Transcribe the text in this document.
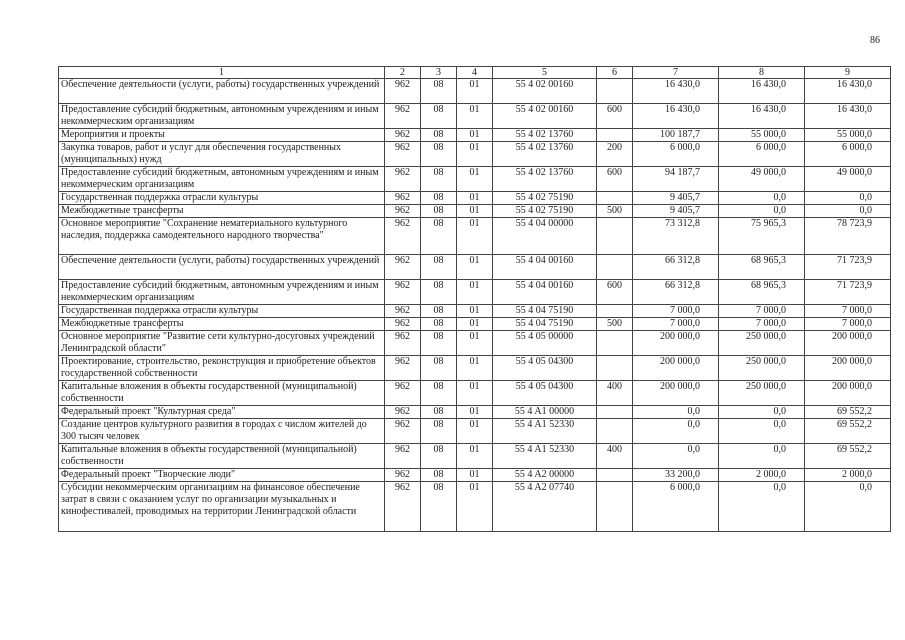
86
1	2	3	4	5	6	7	8	9
Обеспечение деятельности (услуги, работы) государственных учреждений	962	08	01	55 4 02 00160		16 430,0	16 430,0	16 430,0
Предоставление субсидий бюджетным, автономным учреждениям и иным некоммерческим организациям	962	08	01	55 4 02 00160	600	16 430,0	16 430,0	16 430,0
Мероприятия и проекты	962	08	01	55 4 02 13760		100 187,7	55 000,0	55 000,0
Закупка товаров, работ и услуг для обеспечения государственных (муниципальных) нужд	962	08	01	55 4 02 13760	200	6 000,0	6 000,0	6 000,0
Предоставление субсидий бюджетным, автономным учреждениям и иным некоммерческим организациям	962	08	01	55 4 02 13760	600	94 187,7	49 000,0	49 000,0
Государственная поддержка отрасли культуры	962	08	01	55 4 02 75190		9 405,7	0,0	0,0
Межбюджетные трансферты	962	08	01	55 4 02 75190	500	9 405,7	0,0	0,0
Основное мероприятие "Сохранение нематериального культурного наследия, поддержка самодеятельного народного творчества"	962	08	01	55 4 04 00000		73 312,8	75 965,3	78 723,9
Обеспечение деятельности (услуги, работы) государственных учреждений	962	08	01	55 4 04 00160		66 312,8	68 965,3	71 723,9
Предоставление субсидий бюджетным, автономным учреждениям и иным некоммерческим организациям	962	08	01	55 4 04 00160	600	66 312,8	68 965,3	71 723,9
Государственная поддержка отрасли культуры	962	08	01	55 4 04 75190		7 000,0	7 000,0	7 000,0
Межбюджетные трансферты	962	08	01	55 4 04 75190	500	7 000,0	7 000,0	7 000,0
Основное мероприятие "Развитие сети культурно-досуговых учреждений Ленинградской области"	962	08	01	55 4 05 00000		200 000,0	250 000,0	200 000,0
Проектирование, строительство, реконструкция и приобретение объектов государственной собственности	962	08	01	55 4 05 04300		200 000,0	250 000,0	200 000,0
Капитальные вложения в объекты государственной (муниципальной) собственности	962	08	01	55 4 05 04300	400	200 000,0	250 000,0	200 000,0
Федеральный проект "Культурная среда"	962	08	01	55 4 A1 00000		0,0	0,0	69 552,2
Создание центров культурного развития в городах с числом жителей до 300 тысяч человек	962	08	01	55 4 A1 52330		0,0	0,0	69 552,2
Капитальные вложения в объекты государственной (муниципальной) собственности	962	08	01	55 4 A1 52330	400	0,0	0,0	69 552,2
Федеральный проект "Творческие люди"	962	08	01	55 4 A2 00000		33 200,0	2 000,0	2 000,0
Субсидии некоммерческим организациям на финансовое обеспечение затрат в связи с оказанием услуг по организации музыкальных и кинофестивалей, проводимых на территории Ленинградской области	962	08	01	55 4 A2 07740		6 000,0	0,0	0,0
